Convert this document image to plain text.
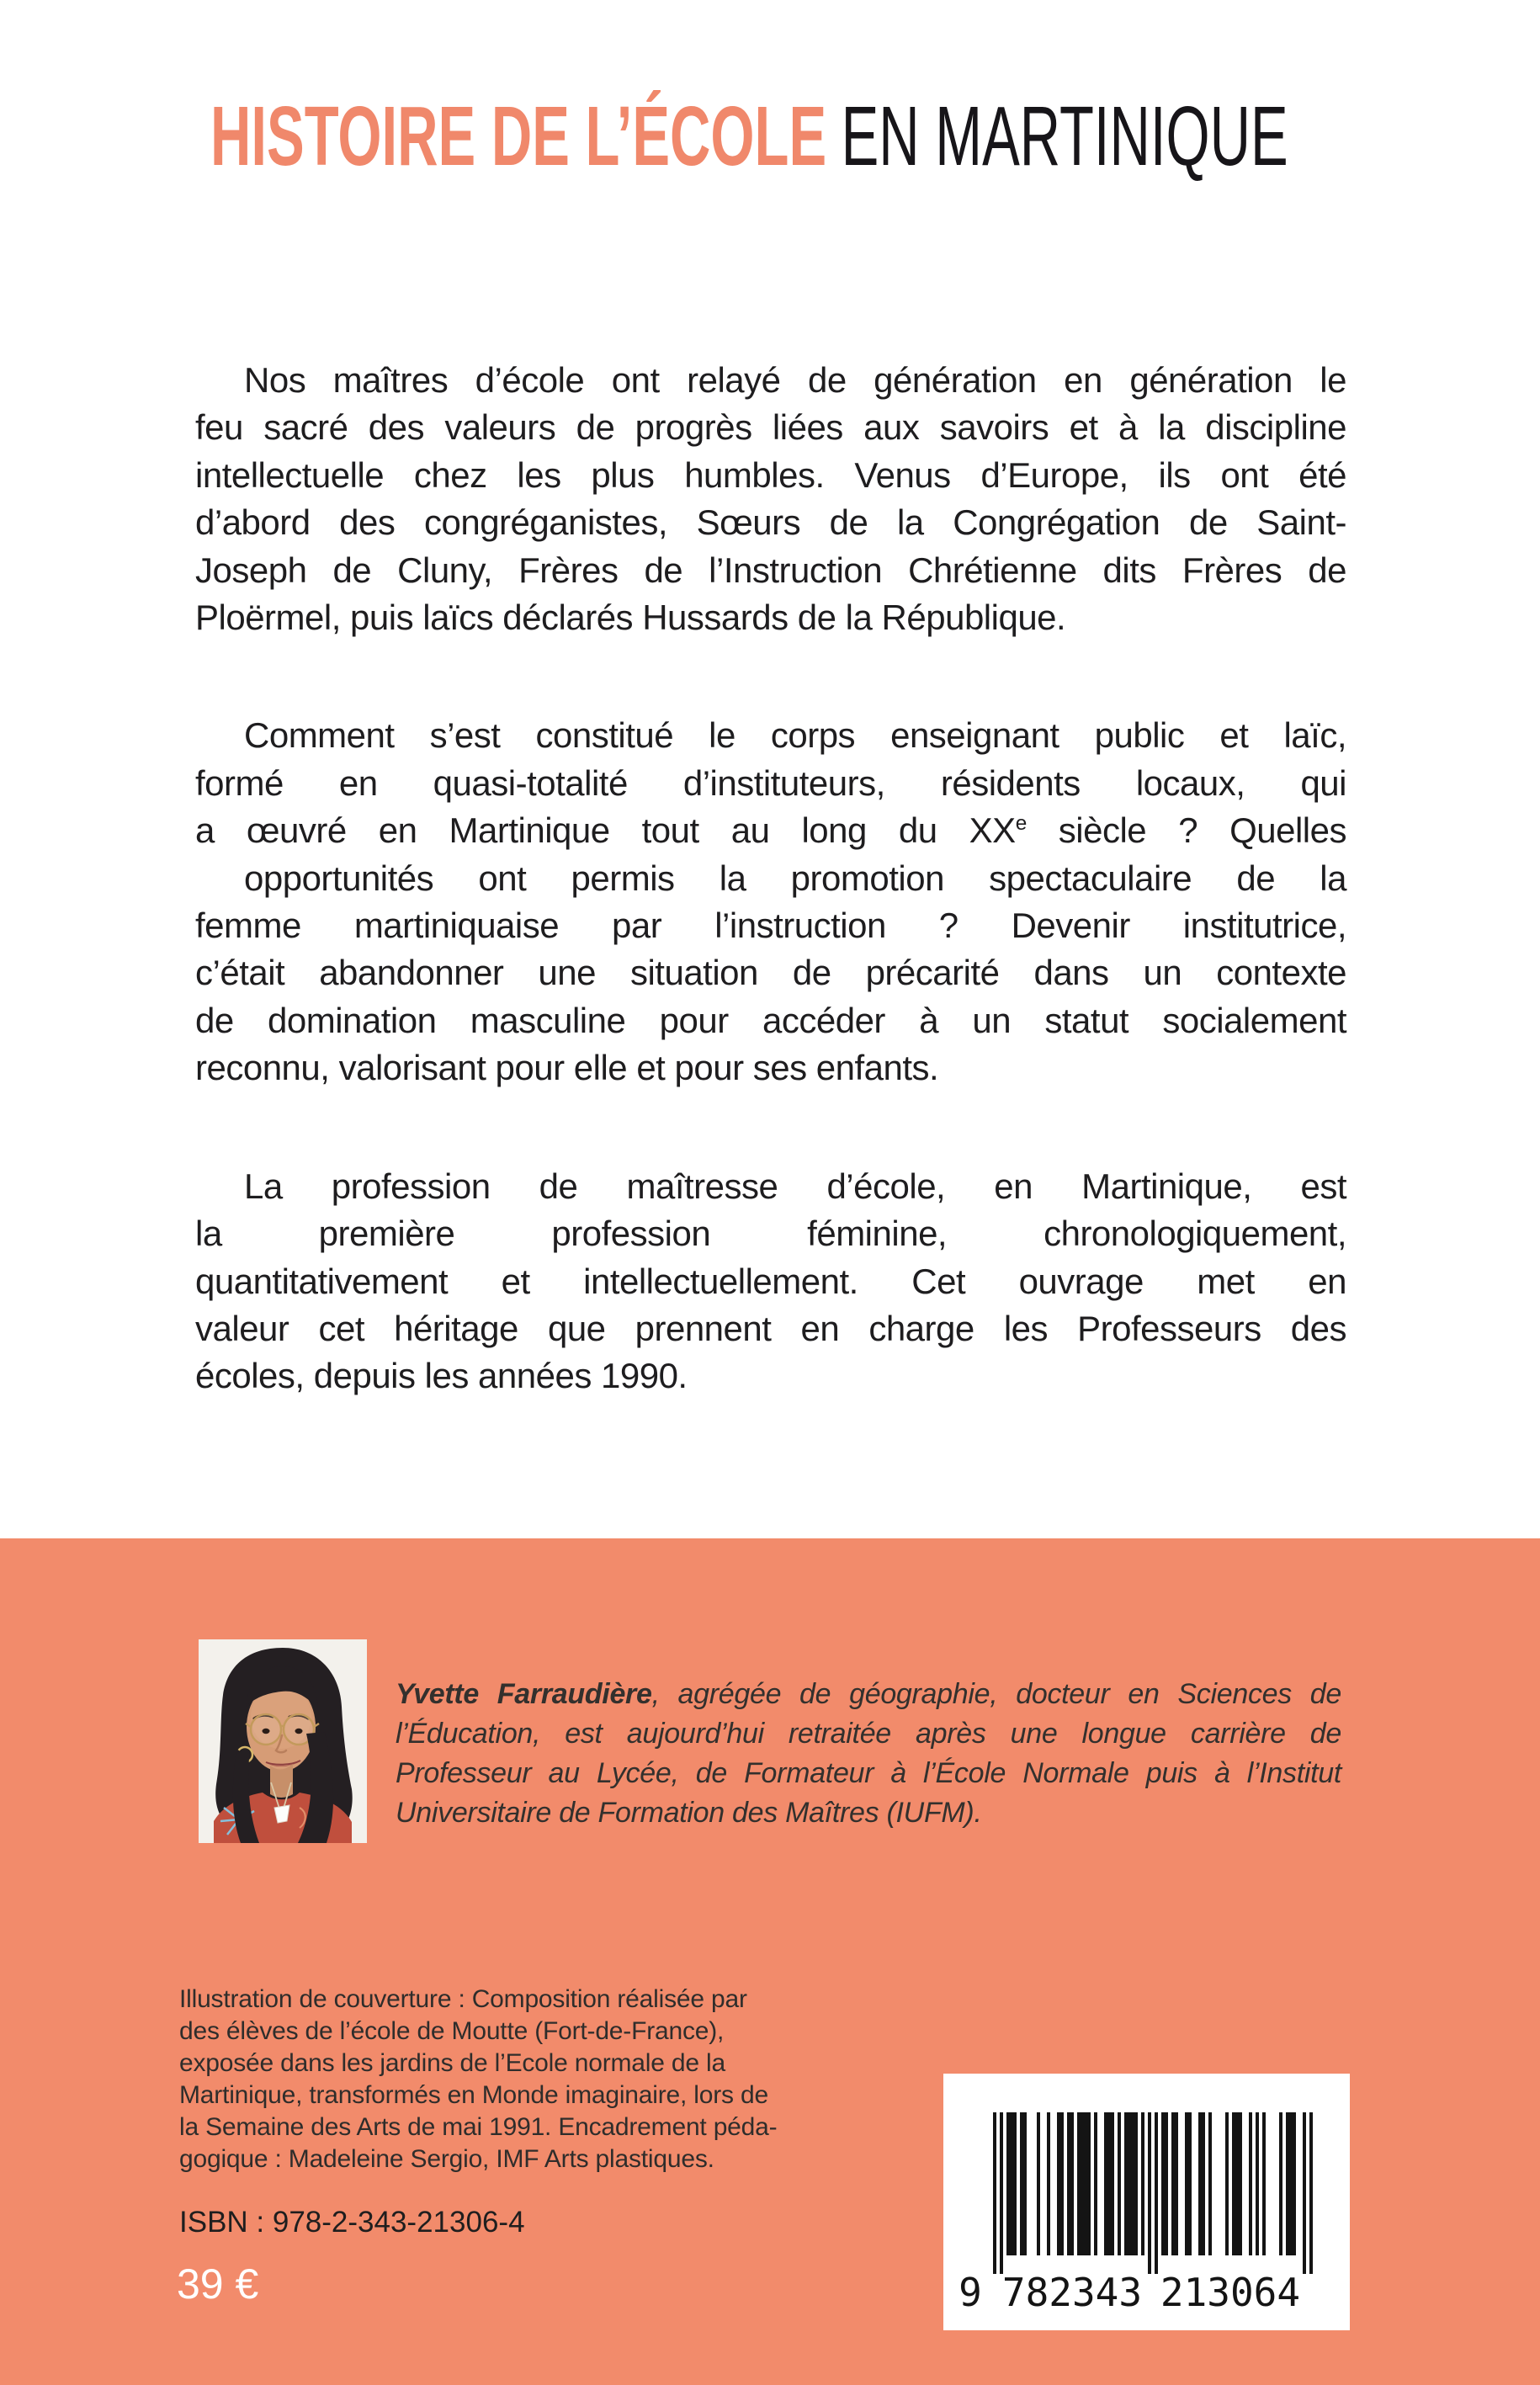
HISTOIRE DE L’ÉCOLE EN MARTINIQUE
Nos maîtres d’école ont relayé de génération en génération le
feu sacré des valeurs de progrès liées aux savoirs et à la discipline
intellectuelle chez les plus humbles. Venus d’Europe, ils ont été
d’abord des congréganistes, Sœurs de la Congrégation de Saint-
Joseph de Cluny, Frères de l’Instruction Chrétienne dits Frères de
Ploërmel, puis laïcs déclarés Hussards de la République.
Comment s’est constitué le corps enseignant public et laïc,
formé en quasi-totalité d’instituteurs, résidents locaux, qui
a œuvré en Martinique tout au long du XXe siècle ? Quelles
opportunités ont permis la promotion spectaculaire de la
femme martiniquaise par l’instruction ? Devenir institutrice,
c’était abandonner une situation de précarité dans un contexte
de domination masculine pour accéder à un statut socialement
reconnu, valorisant pour elle et pour ses enfants.
La profession de maîtresse d’école, en Martinique, est
la première profession féminine, chronologiquement,
quantitativement et intellectuellement. Cet ouvrage met en
valeur cet héritage que prennent en charge les Professeurs des
écoles, depuis les années 1990.
Yvette Farraudière, agrégée de géographie, docteur en Sciences de
l’Éducation, est aujourd’hui retraitée après une longue carrière de
Professeur au Lycée, de Formateur à l’École Normale puis à l’Institut
Universitaire de Formation des Maîtres (IUFM).
Illustration de couverture : Composition réalisée par
des élèves de l’école de Moutte (Fort-de-France),
exposée dans les jardins de l’Ecole normale de la
Martinique, transformés en Monde imaginaire, lors de
la Semaine des Arts de mai 1991. Encadrement péda-
gogique : Madeleine Sergio, IMF Arts plastiques.
ISBN : 978-2-343-21306-4
39 €	9 782343 213064
